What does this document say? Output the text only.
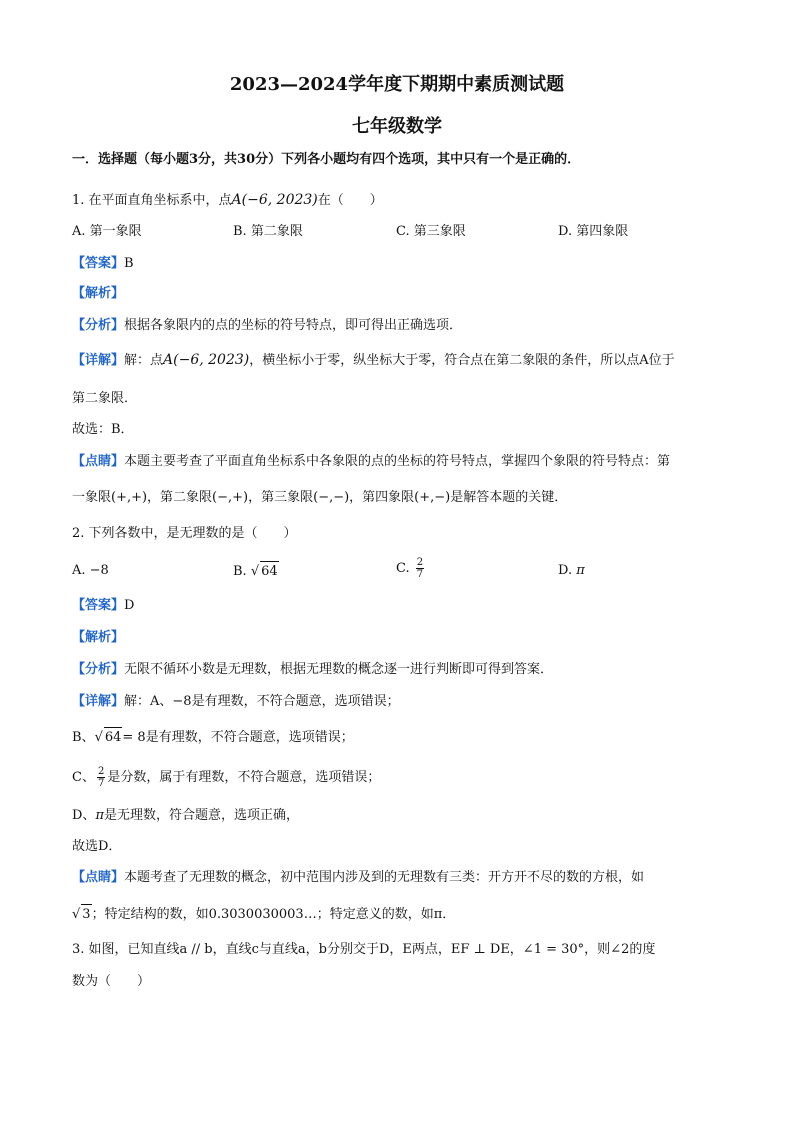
2023—2024学年度下期期中素质测试题
七年级数学
一．选择题（每小题3分，共30分）下列各小题均有四个选项，其中只有一个是正确的．
1. 在平面直角坐标系中，点A(−6, 2023)在（　　）
A. 第一象限	B. 第二象限	C. 第三象限	D. 第四象限
【答案】B
【解析】
【分析】根据各象限内的点的坐标的符号特点，即可得出正确选项．
【详解】解：点A(−6, 2023)，横坐标小于零，纵坐标大于零，符合点在第二象限的条件，所以点A位于
第二象限．
故选：B．
【点睛】本题主要考查了平面直角坐标系中各象限的点的坐标的符号特点，掌握四个象限的符号特点：第
一象限(+,+)，第二象限(−,+)，第三象限(−,−)，第四象限(+,−)是解答本题的关键．
2. 下列各数中，是无理数的是（　　）
A. −8	B. √ 64	C. $\frac{2}{7}$	D. π
【答案】D
【解析】
【分析】无限不循环小数是无理数，根据无理数的概念逐一进行判断即可得到答案．
【详解】解：A、−8是有理数，不符合题意，选项错误；
B、√ 64= 8是有理数，不符合题意，选项错误；
C、 $\frac{2}{7}$ 是分数，属于有理数，不符合题意，选项错误；
D、π是无理数，符合题意，选项正确，
故选D．
【点睛】本题考查了无理数的概念，初中范围内涉及到的无理数有三类：开方开不尽的数的方根，如
√ 3；特定结构的数，如0.3030030003…；特定意义的数，如π．
3. 如图，已知直线a // b，直线c与直线a，b分别交于D，E两点，EF ⊥ DE，∠1 = 30°，则∠2的度
数为（　　）
